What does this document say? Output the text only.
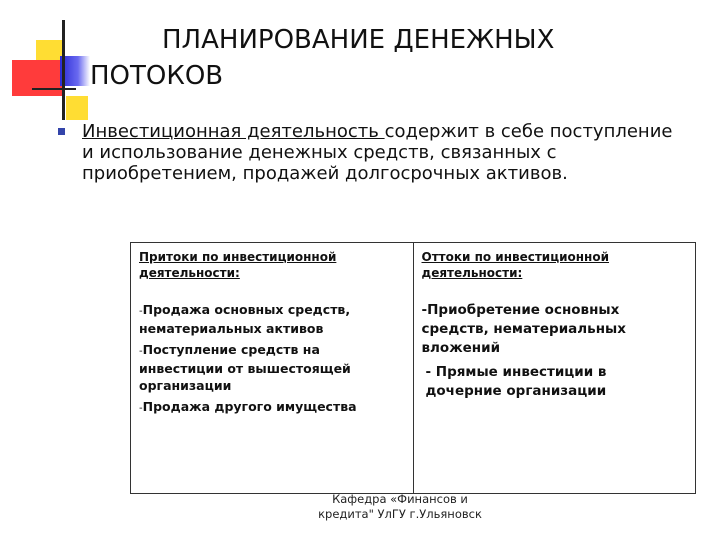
ПЛАНИРОВАНИЕ ДЕНЕЖНЫХ
ПОТОКОВ

Инвестиционная деятельность содержит в себе поступление и использование денежных средств, связанных с приобретением, продажей долгосрочных активов.

Притоки по инвестиционной деятельности:

-Продажа основных средств, нематериальных активов

-Поступление средств на инвестиции от вышестоящей организации

-Продажа другого имущества

Оттоки по инвестиционной деятельности:

-Приобретение основных средств, нематериальных вложений

- Прямые инвестиции в дочерние организации

Кафедра «Финансов и
кредита" УлГУ г.Ульяновск
